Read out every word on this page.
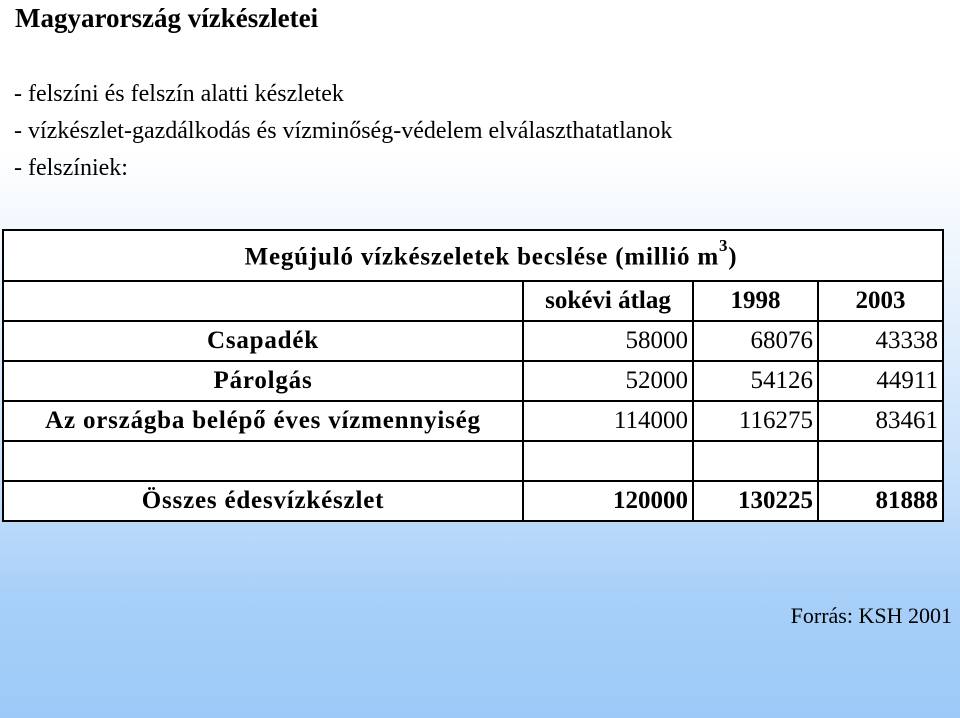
Magyarország vízkészletei
- felszíni és felszín alatti készletek
- vízkészlet-gazdálkodás és vízminőség-védelem elválaszthatatlanok
- felszíniek:
Megújuló vízkészeletek becslése (millió $m^3$)			
	sokévi átlag	1998	2003
Csapadék	58000	68076	43338
Párolgás	52000	54126	44911
Az országba belépő éves vízmennyiség	114000	116275	83461

Összes édesvízkészlet	120000	130225	81888
Forrás: KSH 2001
